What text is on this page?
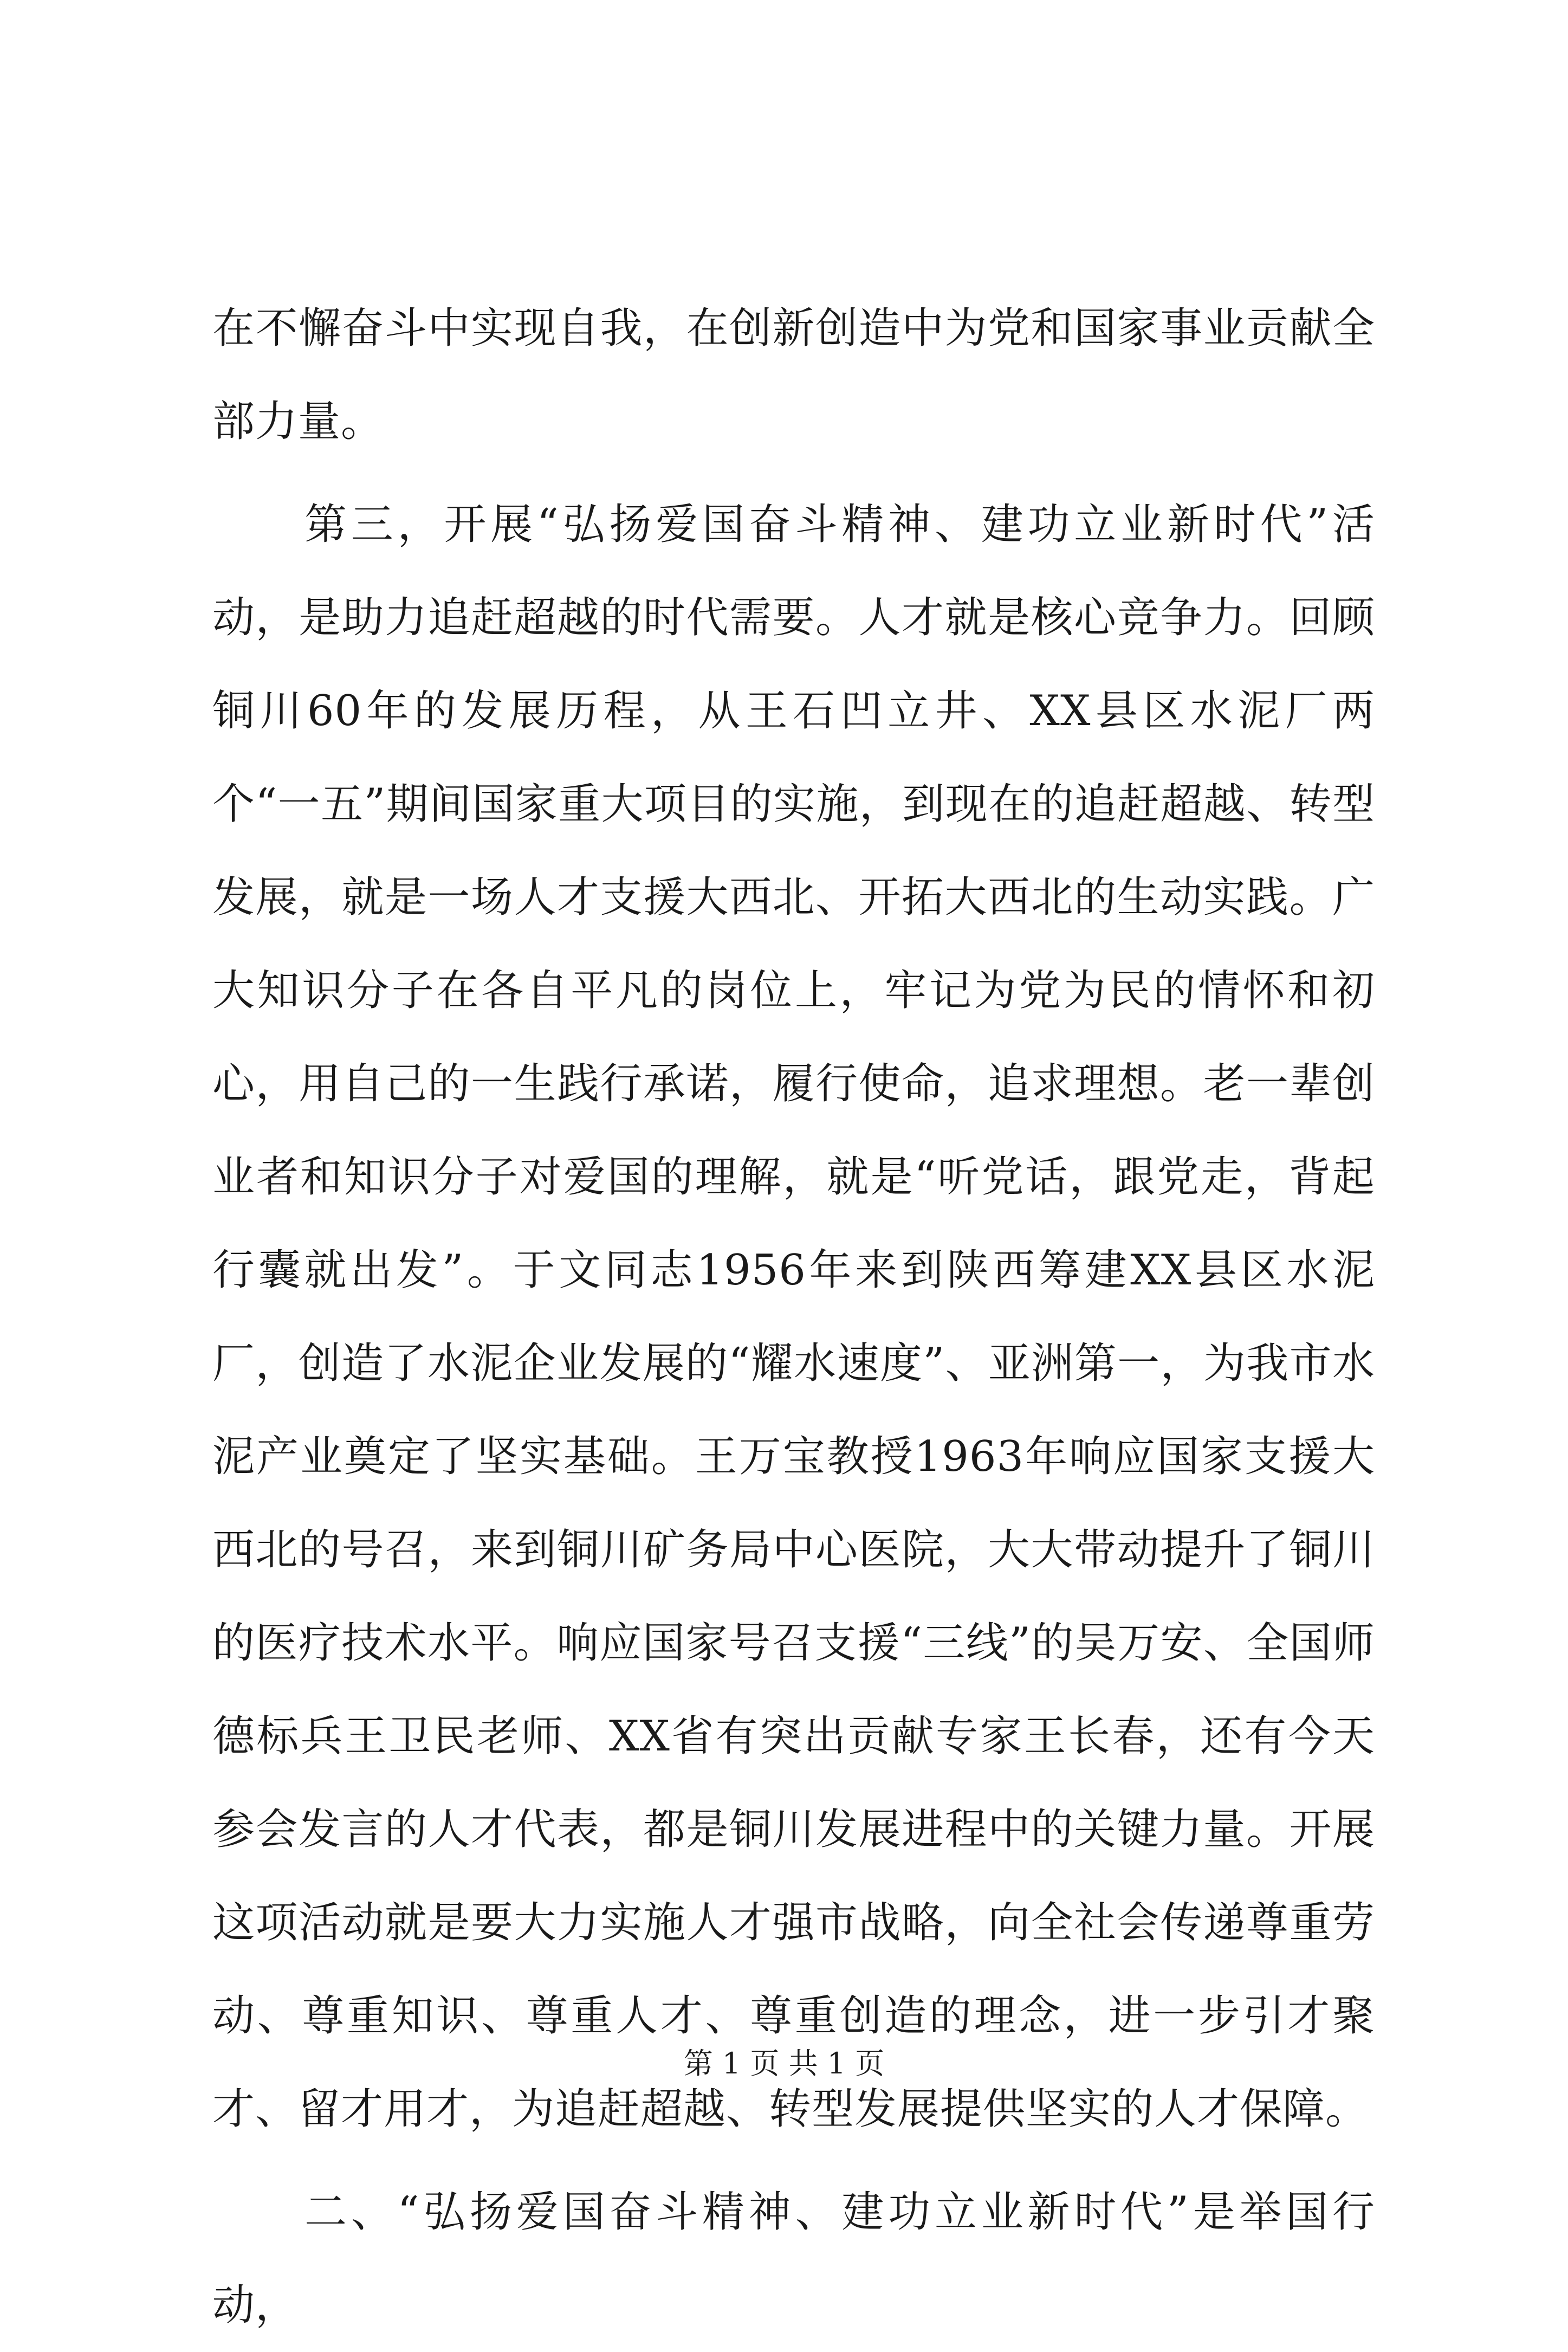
在不懈奋斗中实现自我，在创新创造中为党和国家事业贡献全部力量。

第三，开展“弘扬爱国奋斗精神、建功立业新时代”活动，是助力追赶超越的时代需要。人才就是核心竞争力。回顾铜川60年的发展历程，从王石凹立井、XX县区水泥厂两个“一五”期间国家重大项目的实施，到现在的追赶超越、转型发展，就是一场人才支援大西北、开拓大西北的生动实践。广大知识分子在各自平凡的岗位上，牢记为党为民的情怀和初心，用自己的一生践行承诺，履行使命，追求理想。老一辈创业者和知识分子对爱国的理解，就是“听党话，跟党走，背起行囊就出发”。于文同志1956年来到陕西筹建XX县区水泥厂，创造了水泥企业发展的“耀水速度”、亚洲第一，为我市水泥产业奠定了坚实基础。王万宝教授1963年响应国家支援大西北的号召，来到铜川矿务局中心医院，大大带动提升了铜川的医疗技术水平。响应国家号召支援“三线”的吴万安、全国师德标兵王卫民老师、XX省有突出贡献专家王长春，还有今天参会发言的人才代表，都是铜川发展进程中的关键力量。开展这项活动就是要大力实施人才强市战略，向全社会传递尊重劳动、尊重知识、尊重人才、尊重创造的理念，进一步引才聚才、留才用才，为追赶超越、转型发展提供坚实的人才保障。

二、“弘扬爱国奋斗精神、建功立业新时代”是举国行动，

第 1 页 共 1 页
